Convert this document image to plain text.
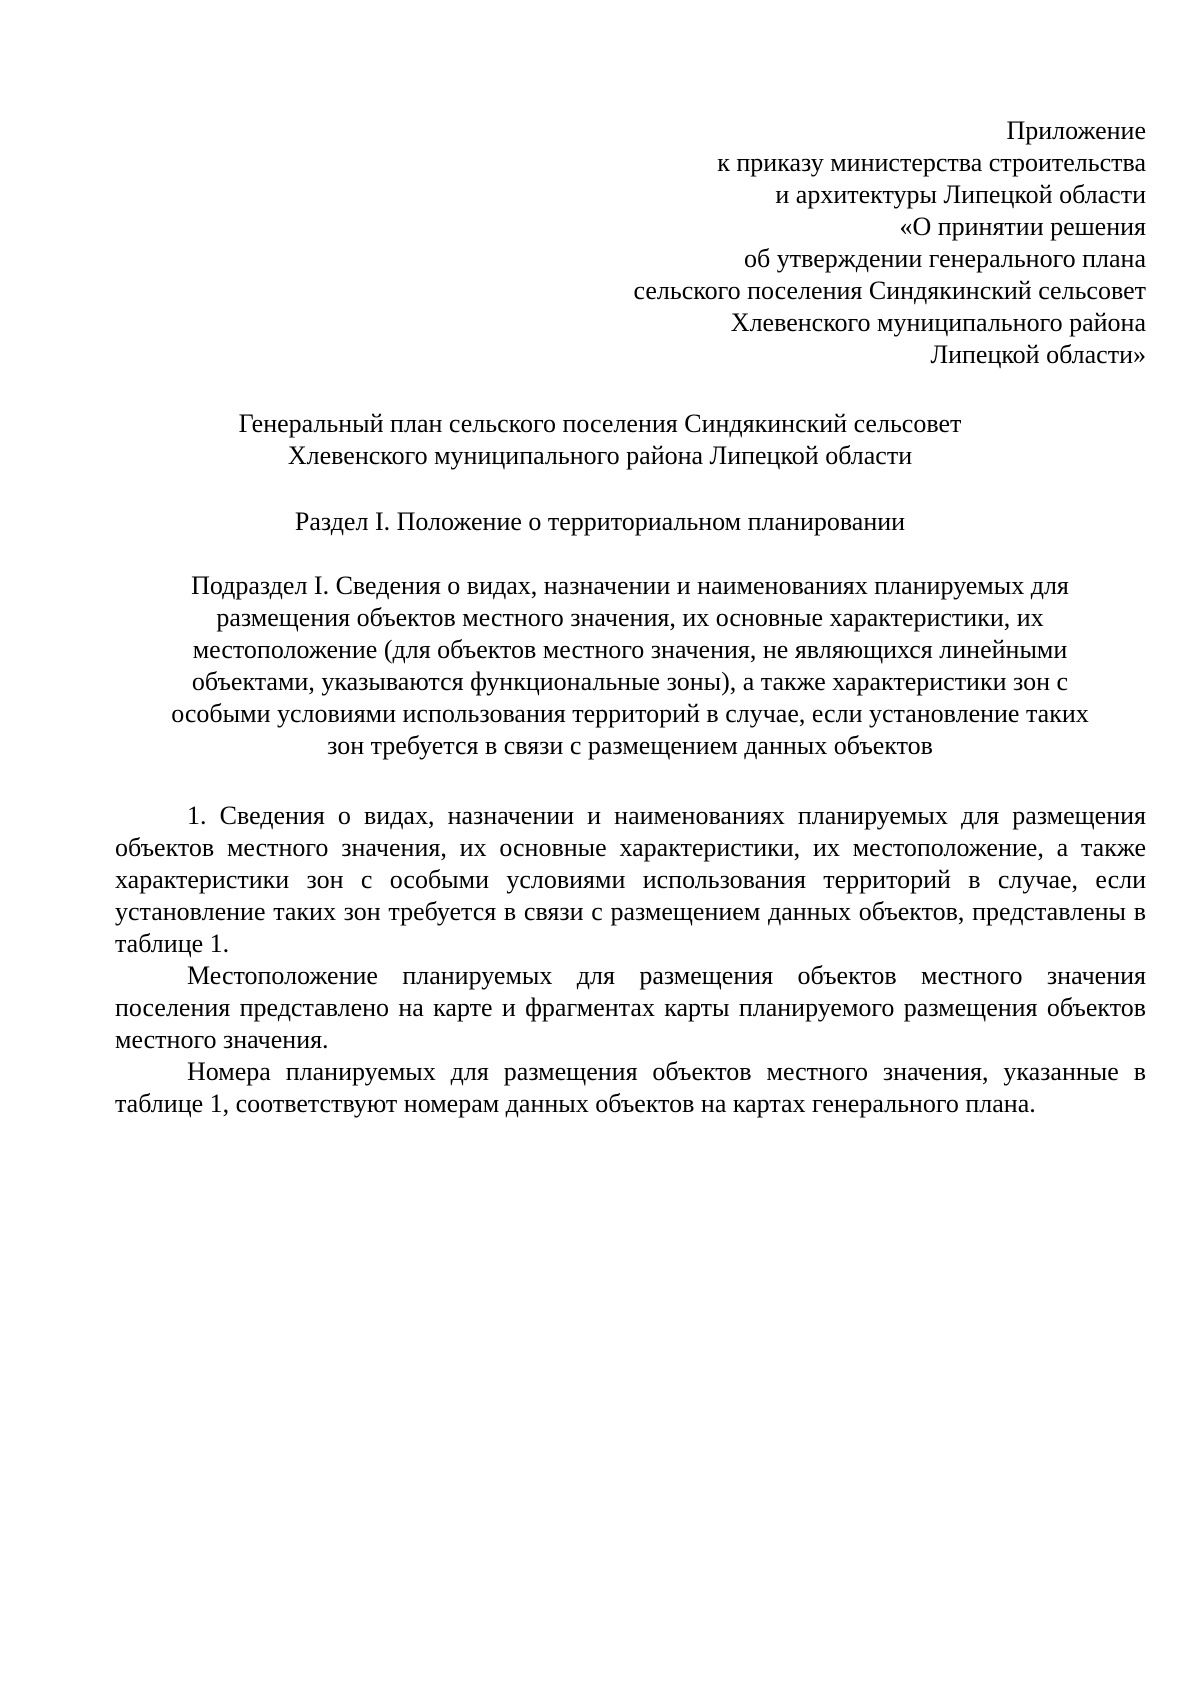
Приложение
к приказу министерства строительства
и архитектуры Липецкой области
«О принятии решения
об утверждении генерального плана
сельского поселения Синдякинский сельсовет
Хлевенского муниципального района
Липецкой области»
Генеральный план сельского поселения Синдякинский сельсовет
Хлевенского муниципального района Липецкой области
Раздел I. Положение о территориальном планировании
Подраздел I. Сведения о видах, назначении и наименованиях планируемых для
размещения объектов местного значения, их основные характеристики, их
местоположение (для объектов местного значения, не являющихся линейными
объектами, указываются функциональные зоны), а также характеристики зон с
особыми условиями использования территорий в случае, если установление таких
зон требуется в связи с размещением данных объектов

1. Сведения о видах, назначении и наименованиях планируемых для размещения объектов местного значения, их основные характеристики, их местоположение, а также характеристики зон с особыми условиями использования территорий в случае, если установление таких зон требуется в связи с размещением данных объектов, представлены в таблице 1.

Местоположение планируемых для размещения объектов местного значения поселения представлено на карте и фрагментах карты планируемого размещения объектов местного значения.

Номера планируемых для размещения объектов местного значения, указанные в таблице 1, соответствуют номерам данных объектов на картах генерального плана.
